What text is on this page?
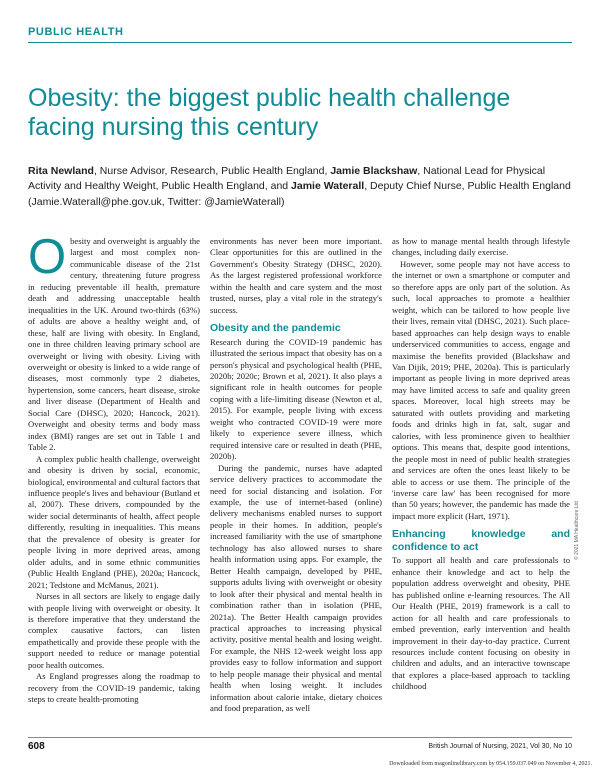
PUBLIC HEALTH
Obesity: the biggest public health challenge facing nursing this century

Rita Newland, Nurse Advisor, Research, Public Health England, Jamie Blackshaw, National Lead for Physical Activity and Healthy Weight, Public Health England, and Jamie Waterall, Deputy Chief Nurse, Public Health England (Jamie.Waterall@phe.gov.uk, Twitter: @JamieWaterall)

Obesity and overweight is arguably the largest and most complex non-communicable disease of the 21st century, threatening future progress in reducing preventable ill health, premature death and addressing unacceptable health inequalities in the UK. Around two-thirds (63%) of adults are above a healthy weight and, of these, half are living with obesity. In England, one in three children leaving primary school are overweight or living with obesity. Living with overweight or obesity is linked to a wide range of diseases, most commonly type 2 diabetes, hypertension, some cancers, heart disease, stroke and liver disease (Department of Health and Social Care (DHSC), 2020; Hancock, 2021). Overweight and obesity terms and body mass index (BMI) ranges are set out in Table 1 and Table 2.

A complex public health challenge, overweight and obesity is driven by social, economic, biological, environmental and cultural factors that influence people's lives and behaviour (Butland et al, 2007). These drivers, compounded by the wider social determinants of health, affect people differently, resulting in inequalities. This means that the prevalence of obesity is greater for people living in more deprived areas, among older adults, and in some ethnic communities (Public Health England (PHE), 2020a; Hancock, 2021; Tedstone and McManus, 2021).

Nurses in all sectors are likely to engage daily with people living with overweight or obesity. It is therefore imperative that they understand the complex causative factors, can listen empathetically and provide these people with the support needed to reduce or manage potential poor health outcomes.

As England progresses along the roadmap to recovery from the COVID-19 pandemic, taking steps to create health-promoting

environments has never been more important. Clear opportunities for this are outlined in the Government's Obesity Strategy (DHSC, 2020). As the largest registered professional workforce within the health and care system and the most trusted, nurses, play a vital role in the strategy's success.

Obesity and the pandemic

Research during the COVID-19 pandemic has illustrated the serious impact that obesity has on a person's physical and psychological health (PHE, 2020b; 2020c; Brown et al, 2021). It also plays a significant role in health outcomes for people coping with a life-limiting disease (Newton et al, 2015). For example, people living with excess weight who contracted COVID-19 were more likely to experience severe illness, which required intensive care or resulted in death (PHE, 2020b).

During the pandemic, nurses have adapted service delivery practices to accommodate the need for social distancing and isolation. For example, the use of internet-based (online) delivery mechanisms enabled nurses to support people in their homes. In addition, people's increased familiarity with the use of smartphone technology has also allowed nurses to share health information using apps. For example, the Better Health campaign, developed by PHE, supports adults living with overweight or obesity to look after their physical and mental health in combination rather than in isolation (PHE, 2021a). The Better Health campaign provides practical approaches to increasing physical activity, positive mental health and losing weight. For example, the NHS 12-week weight loss app provides easy to follow information and support to help people manage their physical and mental health when losing weight. It includes information about calorie intake, dietary choices and food preparation, as well

as how to manage mental health through lifestyle changes, including daily exercise.

However, some people may not have access to the internet or own a smartphone or computer and so therefore apps are only part of the solution. As such, local approaches to promote a healthier weight, which can be tailored to how people live their lives, remain vital (DHSC, 2021). Such place-based approaches can help design ways to enable underserviced communities to access, engage and maximise the benefits provided (Blackshaw and Van Dijik, 2019; PHE, 2020a). This is particularly important as people living in more deprived areas may have limited access to safe and quality green spaces. Moreover, local high streets may be saturated with outlets providing and marketing foods and drinks high in fat, salt, sugar and calories, with less prominence given to healthier options. This means that, despite good intentions, the people most in need of public health strategies and services are often the ones least likely to be able to access or use them. The principle of the 'inverse care law' has been recognised for more than 50 years; however, the pandemic has made the impact more explicit (Hart, 1971).

Enhancing knowledge and confidence to act

To support all health and care professionals to enhance their knowledge and act to help the population address overweight and obesity, PHE has published online e-learning resources. The All Our Health (PHE, 2019) framework is a call to action for all health and care professionals to embed prevention, early intervention and health improvement in their day-to-day practice. Current resources include content focusing on obesity in children and adults, and an interactive townscape that explores a place-based approach to tackling childhood

© 2021 MA Healthcare Ltd
608	British Journal of Nursing, 2021, Vol 30, No 10
Downloaded from magonlinelibrary.com by 054.159.037.049 on November 4, 2021.
